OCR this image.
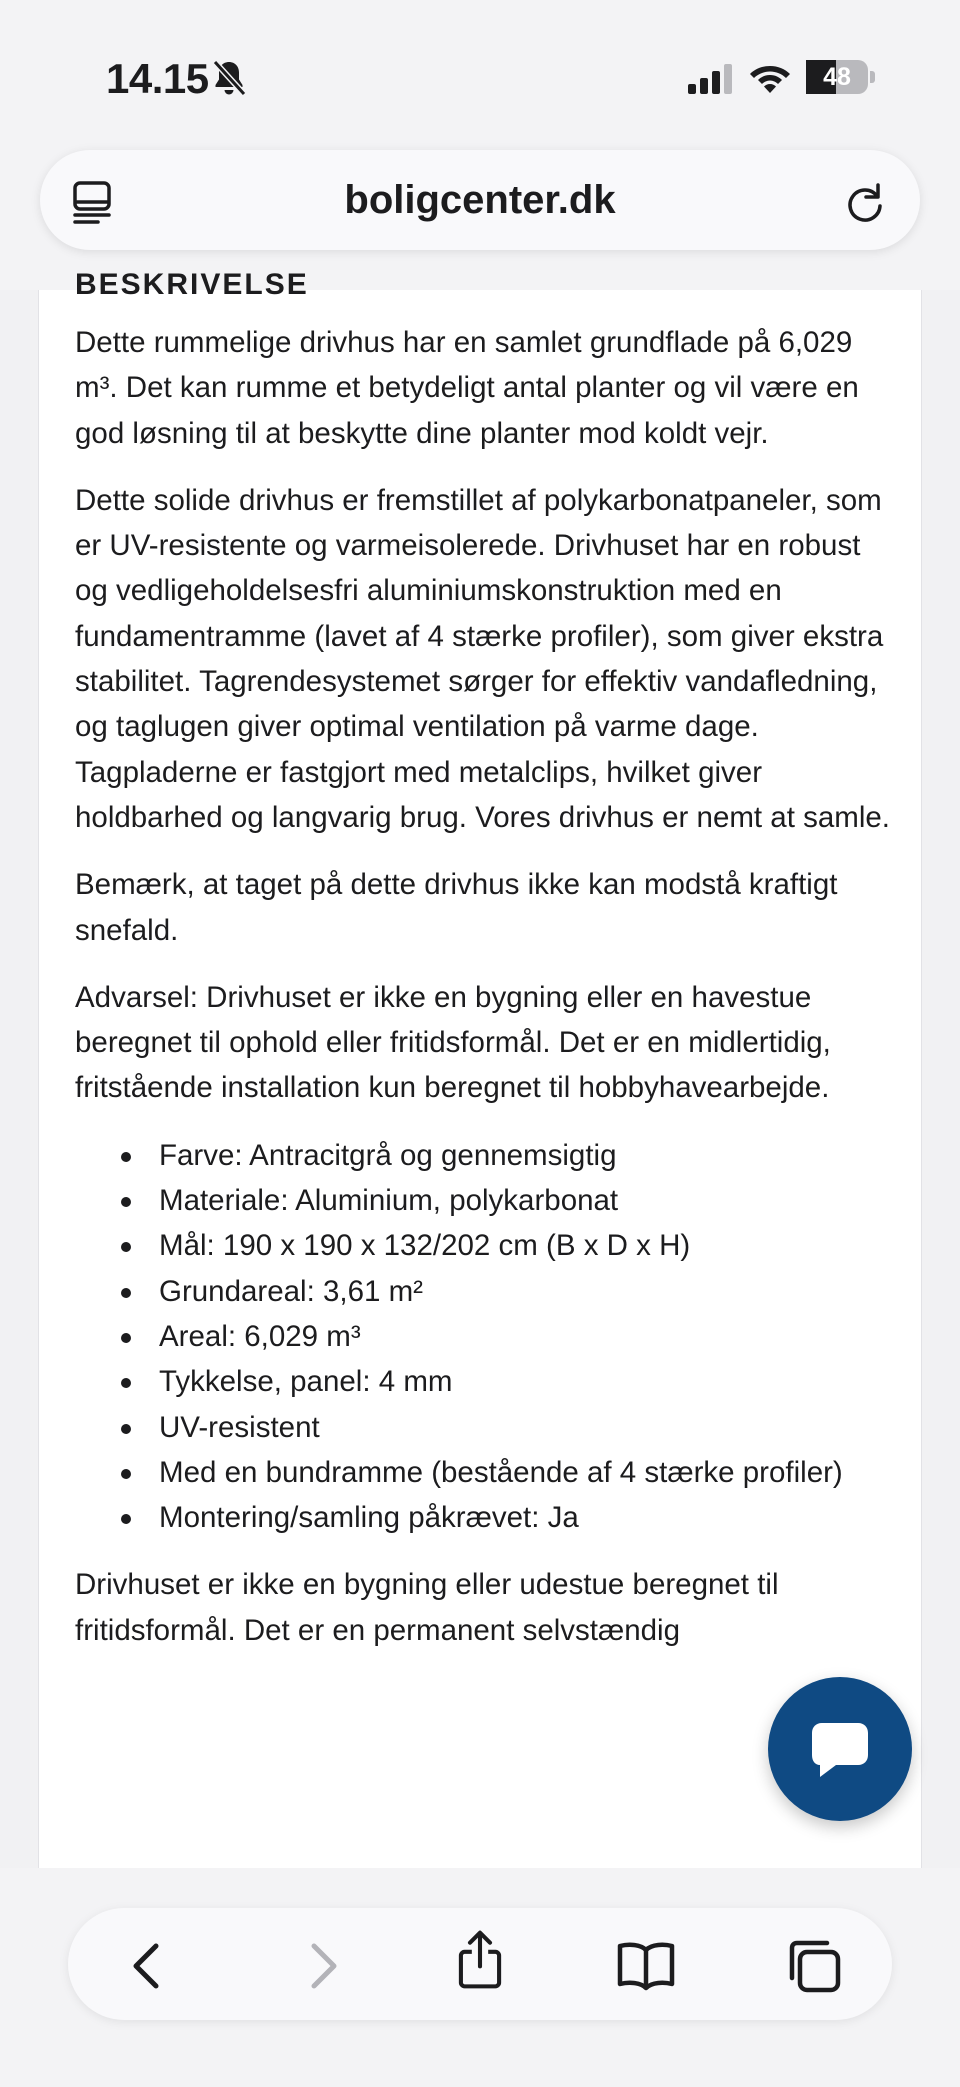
14.15	48
boligcenter.dk
BESKRIVELSE

Dette rummelige drivhus har en samlet grundflade på 6,029 m³. Det kan rumme et betydeligt antal planter og vil være en god løsning til at beskytte dine planter mod koldt vejr.

Dette solide drivhus er fremstillet af polykarbonatpaneler, som er UV-resistente og varmeisolerede. Drivhuset har en robust og vedligeholdelsesfri aluminiumskonstruktion med en fundamentramme (lavet af 4 stærke profiler), som giver ekstra stabilitet. Tagrendesystemet sørger for effektiv vandafledning, og taglugen giver optimal ventilation på varme dage. Tagpladerne er fastgjort med metalclips, hvilket giver holdbarhed og langvarig brug. Vores drivhus er nemt at samle.

Bemærk, at taget på dette drivhus ikke kan modstå kraftigt snefald.

Advarsel: Drivhuset er ikke en bygning eller en havestue beregnet til ophold eller fritidsformål. Det er en midlertidig, fritstående installation kun beregnet til hobbyhavearbejde.

Farve: Antracitgrå og gennemsigtig
Materiale: Aluminium, polykarbonat
Mål: 190 x 190 x 132/202 cm (B x D x H)
Grundareal: 3,61 m²
Areal: 6,029 m³
Tykkelse, panel: 4 mm
UV-resistent
Med en bundramme (bestående af 4 stærke profiler)
Montering/samling påkrævet: Ja

Drivhuset er ikke en bygning eller udestue beregnet til fritidsformål. Det er en permanent selvstændig
